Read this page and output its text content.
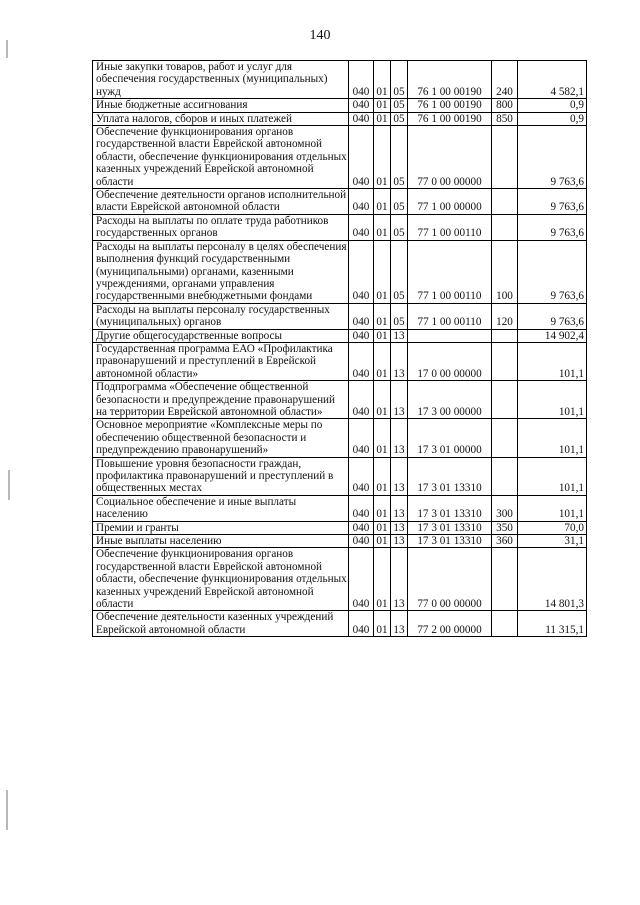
140
Иные закупки товаров, работ и услуг для обеспечения государственных (муниципальных) нужд	040	01	05	76 1 00 00190	240	4 582,1
Иные бюджетные ассигнования	040	01	05	76 1 00 00190	800	0,9
Уплата налогов, сборов и иных платежей	040	01	05	76 1 00 00190	850	0,9
Обеспечение функционирования органов государственной власти Еврейской автономной области, обеспечение функционирования отдельных казенных учреждений Еврейской автономной области	040	01	05	77 0 00 00000		9 763,6
Обеспечение деятельности органов исполнительной власти Еврейской автономной области	040	01	05	77 1 00 00000		9 763,6
Расходы на выплаты по оплате труда работников государственных органов	040	01	05	77 1 00 00110		9 763,6
Расходы на выплаты персоналу в целях обеспечения выполнения функций государственными (муниципальными) органами, казенными учреждениями, органами управления государственными внебюджетными фондами	040	01	05	77 1 00 00110	100	9 763,6
Расходы на выплаты персоналу государственных (муниципальных) органов	040	01	05	77 1 00 00110	120	9 763,6
Другие общегосударственные вопросы	040	01	13			14 902,4
Государственная программа ЕАО «Профилактика правонарушений и преступлений в Еврейской автономной области»	040	01	13	17 0 00 00000		101,1
Подпрограмма «Обеспечение общественной безопасности и предупреждение правонарушений на территории Еврейской автономной области»	040	01	13	17 3 00 00000		101,1
Основное мероприятие «Комплексные меры по обеспечению общественной безопасности и предупреждению правонарушений»	040	01	13	17 3 01 00000		101,1
Повышение уровня безопасности граждан, профилактика правонарушений и преступлений в общественных местах	040	01	13	17 3 01 13310		101,1
Социальное обеспечение и иные выплаты населению	040	01	13	17 3 01 13310	300	101,1
Премии и гранты	040	01	13	17 3 01 13310	350	70,0
Иные выплаты населению	040	01	13	17 3 01 13310	360	31,1
Обеспечение функционирования органов государственной власти Еврейской автономной области, обеспечение функционирования отдельных казенных учреждений Еврейской автономной области	040	01	13	77 0 00 00000		14 801,3
Обеспечение деятельности казенных учреждений Еврейской автономной области	040	01	13	77 2 00 00000		11 315,1
